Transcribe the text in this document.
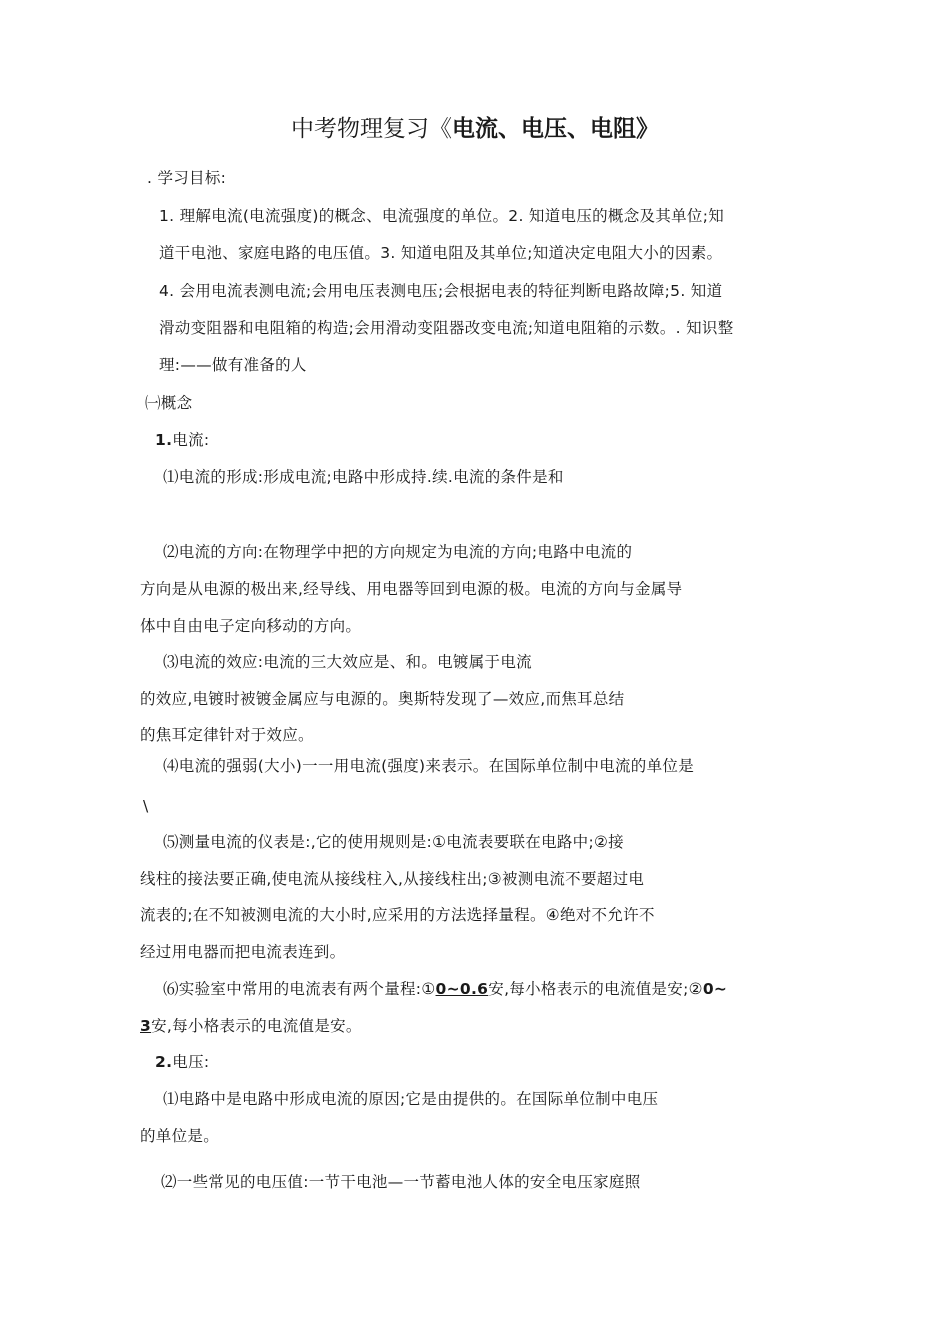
中考物理复习《电流、电压、电阻》
. 学习目标:
1. 理解电流(电流强度)的概念、电流强度的单位。2. 知道电压的概念及其单位;知
道干电池、家庭电路的电压值。3. 知道电阻及其单位;知道决定电阻大小的因素。
4. 会用电流表测电流;会用电压表测电压;会根据电表的特征判断电路故障;5. 知道
滑动变阻器和电阻箱的构造;会用滑动变阻器改变电流;知道电阻箱的示数。. 知识整
理:——做有准备的人
㈠概念
1.电流:
⑴电流的形成:形成电流;电路中形成持.续.电流的条件是和
⑵电流的方向:在物理学中把的方向规定为电流的方向;电路中电流的
方向是从电源的极出来,经导线、用电器等回到电源的极。电流的方向与金属导
体中自由电子定向移动的方向。
⑶电流的效应:电流的三大效应是、和。电镀属于电流
的效应,电镀时被镀金属应与电源的。奥斯特发现了—效应,而焦耳总结
的焦耳定律针对于效应。
⑷电流的强弱(大小)一一用电流(强度)来表示。在国际单位制中电流的单位是
\
⑸测量电流的仪表是:,它的使用规则是:①电流表要联在电路中;②接
线柱的接法要正确,使电流从接线柱入,从接线柱出;③被测电流不要超过电
流表的;在不知被测电流的大小时,应采用的方法选择量程。④绝对不允许不
经过用电器而把电流表连到。
⑹实验室中常用的电流表有两个量程:①0~0.6安,每小格表示的电流值是安;②0~
3安,每小格表示的电流值是安。
2.电压:
⑴电路中是电路中形成电流的原因;它是由提供的。在国际单位制中电压
的单位是。
⑵一些常见的电压值:一节干电池—一节蓄电池人体的安全电压家庭照
